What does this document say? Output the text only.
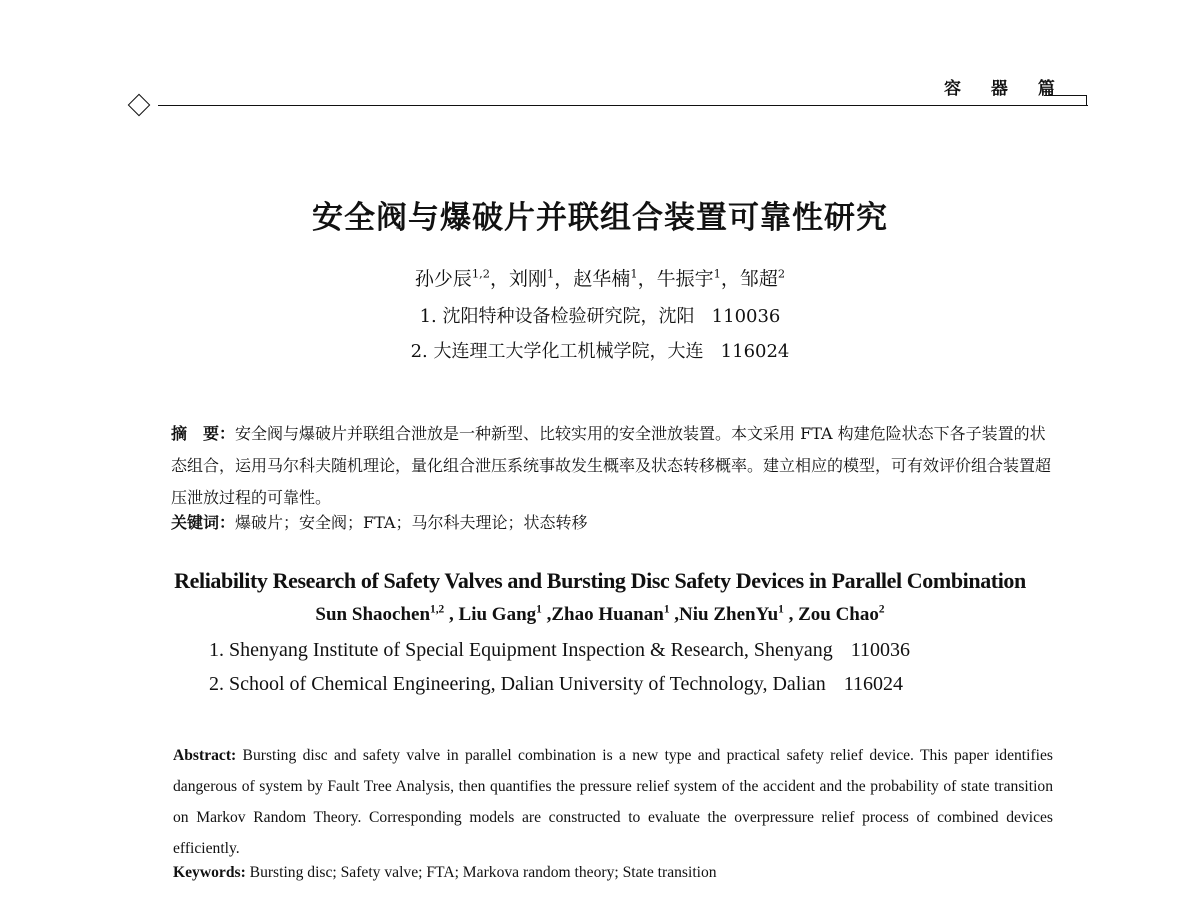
容 器 篇
安全阀与爆破片并联组合装置可靠性研究
孙少辰$^{1,2}$，刘刚$^1$，赵华楠$^1$，牛振宇$^1$，邹超$^2$
1. 沈阳特种设备检验研究院，沈阳 110036
2. 大连理工大学化工机械学院，大连 116024
摘　要：安全阀与爆破片并联组合泄放是一种新型、比较实用的安全泄放装置。本文采用 FTA 构建危险状态下各子装置的状态组合，运用马尔科夫随机理论，量化组合泄压系统事故发生概率及状态转移概率。建立相应的模型，可有效评价组合装置超压泄放过程的可靠性。
关键词：爆破片；安全阀；FTA；马尔科夫理论；状态转移
Reliability Research of Safety Valves and Bursting Disc Safety Devices in Parallel Combination
Sun Shaochen$^{1,2}$ , Liu Gang$^1$ ,Zhao Huanan$^1$ ,Niu ZhenYu$^1$ , Zou Chao$^2$
1. Shenyang Institute of Special Equipment Inspection & Research, Shenyang 110036
2. School of Chemical Engineering, Dalian University of Technology, Dalian 116024
Abstract: Bursting disc and safety valve in parallel combination is a new type and practical safety relief device. This paper identifies dangerous of system by Fault Tree Analysis, then quantifies the pressure relief system of the accident and the probability of state transition on Markov Random Theory. Corresponding models are constructed to evaluate the overpressure relief process of combined devices efficiently.
Keywords: Bursting disc; Safety valve; FTA; Markova random theory; State transition
